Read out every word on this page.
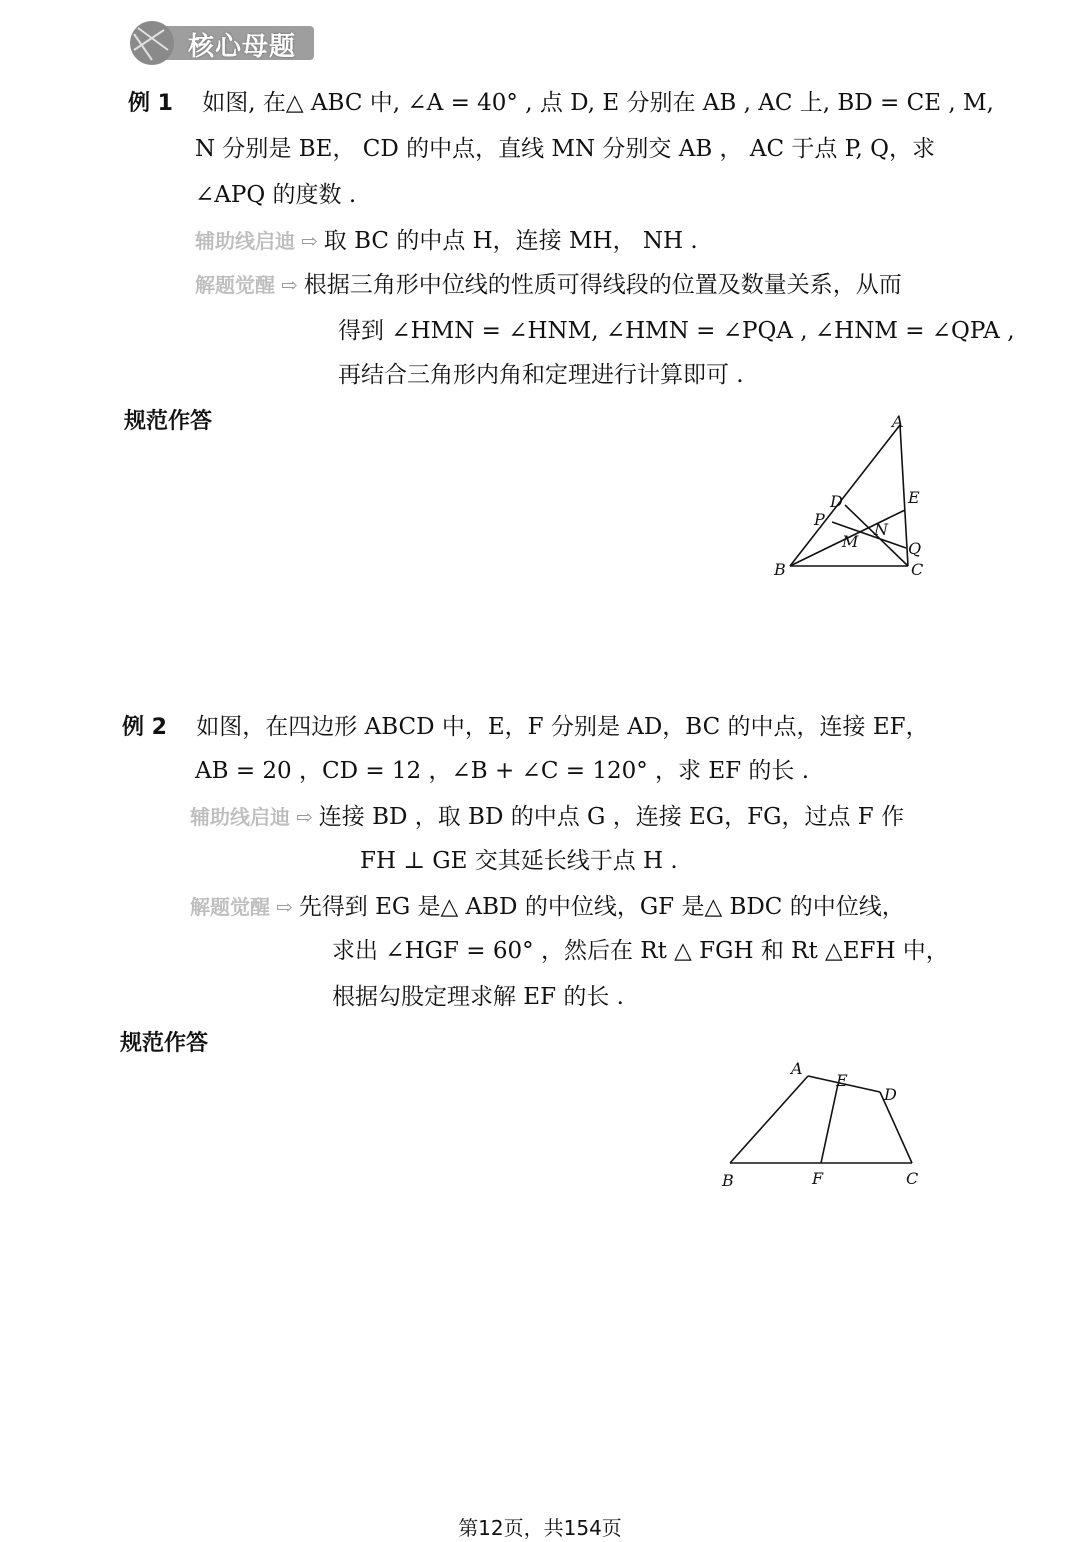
核心母题
例 1 如图, 在△ ABC 中, ∠A = 40° , 点 D, E 分别在 AB , AC 上, BD = CE , M,
N 分别是 BE， CD 的中点，直线 MN 分别交 AB ， AC 于点 P, Q，求
∠APQ 的度数 .
辅助线启迪 ⇨ 取 BC 的中点 H，连接 MH， NH .
解题觉醒 ⇨ 根据三角形中位线的性质可得线段的位置及数量关系，从而
得到 ∠HMN = ∠HNM, ∠HMN = ∠PQA , ∠HNM = ∠QPA ,
再结合三角形内角和定理进行计算即可 .
规范作答	A
B	C
D	E
M
N
P
Q
例 2 如图，在四边形 ABCD 中，E，F 分别是 AD，BC 的中点，连接 EF，
AB = 20 ，CD = 12 ，∠B + ∠C = 120° ，求 EF 的长 .
辅助线启迪 ⇨ 连接 BD ，取 BD 的中点 G ，连接 EG，FG，过点 F 作
FH ⊥ GE 交其延长线于点 H .
解题觉醒 ⇨ 先得到 EG 是△ ABD 的中位线，GF 是△ BDC 的中位线，
求出 ∠HGF = 60° ，然后在 Rt △ FGH 和 Rt △EFH 中，
根据勾股定理求解 EF 的长 .
规范作答
A
B	C
D
E
F
第12页，共154页
